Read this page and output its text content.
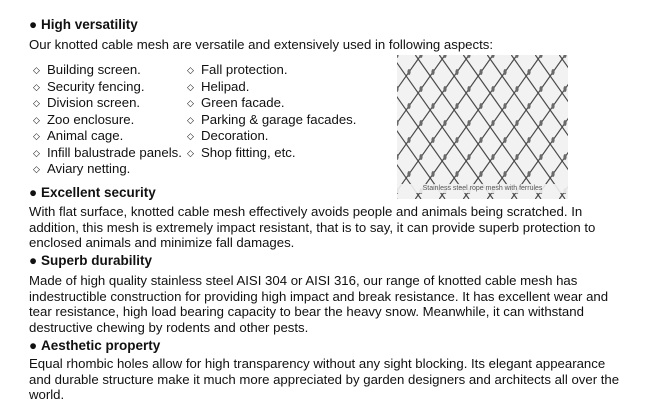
● High versatility
Our knotted cable mesh are versatile and extensively used in following aspects:
◇ Building screen.
◇ Security fencing.
◇ Division screen.
◇ Zoo enclosure.
◇ Animal cage.
◇ Infill balustrade panels.
◇ Aviary netting.
◇ Fall protection.
◇ Helipad.
◇ Green facade.
◇ Parking & garage facades.
◇ Decoration.
◇ Shop fitting, etc.
Stainless steel rope mesh with ferrules
● Excellent security
With flat surface, knotted cable mesh effectively avoids people and animals being scratched. In addition, this mesh is extremely impact resistant, that is to say, it can provide superb protection to enclosed animals and minimize fall damages.
● Superb durability
Made of high quality stainless steel AISI 304 or AISI 316, our range of knotted cable mesh has indestructible construction for providing high impact and break resistance. It has excellent wear and tear resistance, high load bearing capacity to bear the heavy snow. Meanwhile, it can withstand destructive chewing by rodents and other pests.
● Aesthetic property
Equal rhombic holes allow for high transparency without any sight blocking. Its elegant appearance and durable structure make it much more appreciated by garden designers and architects all over the world.
